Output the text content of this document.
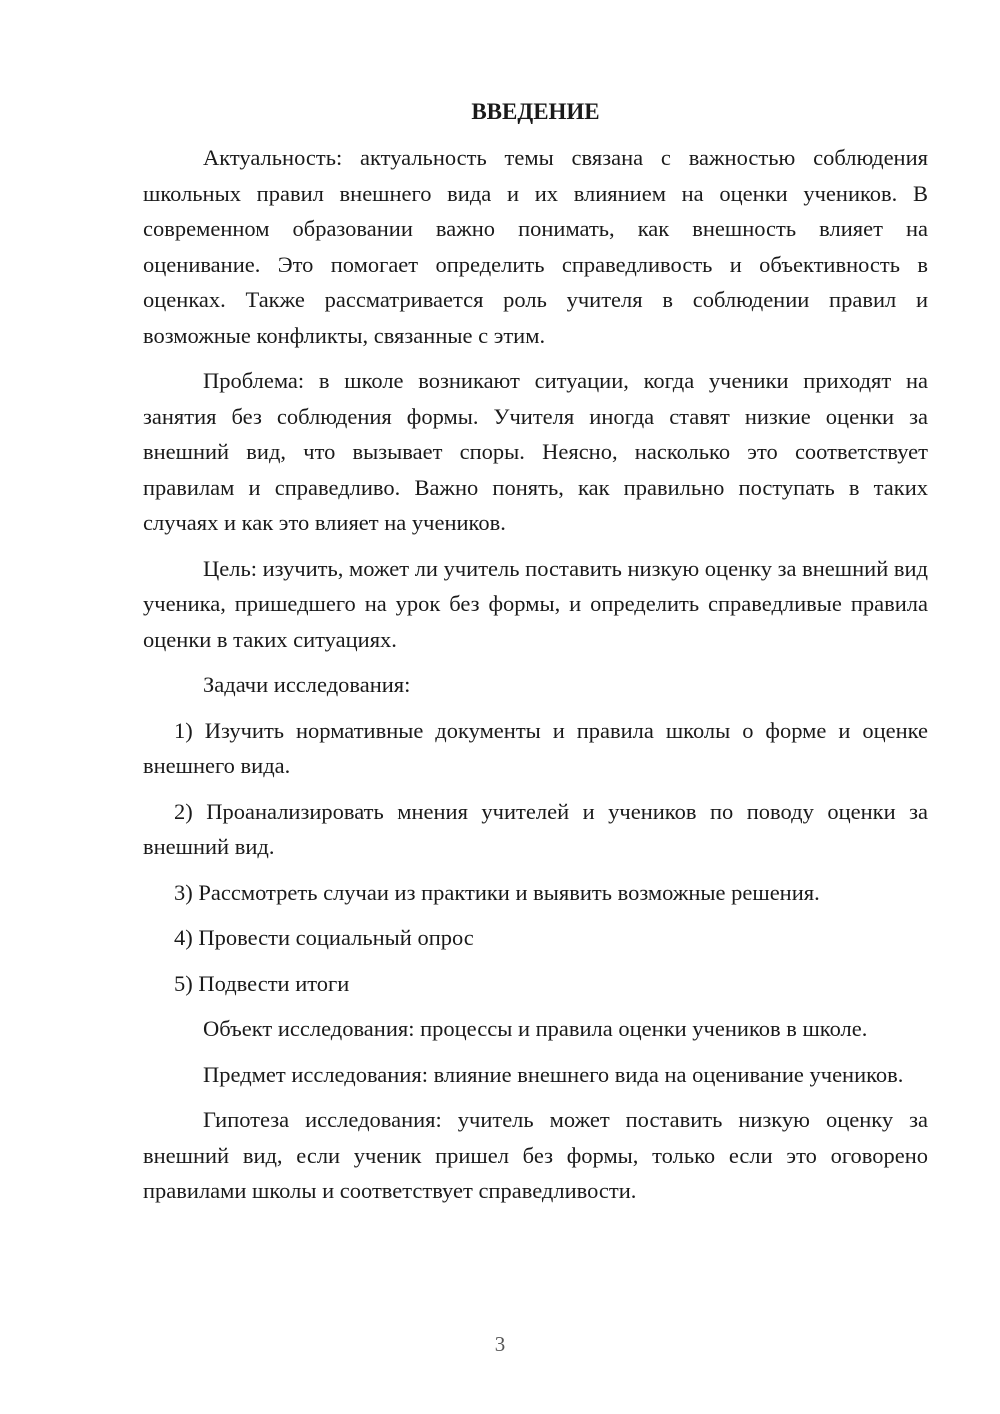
ВВЕДЕНИЕ

Актуальность: актуальность темы связана с важностью соблюдения школьных правил внешнего вида и их влиянием на оценки учеников. В современном образовании важно понимать, как внешность влияет на оценивание. Это помогает определить справедливость и объективность в оценках. Также рассматривается роль учителя в соблюдении правил и возможные конфликты, связанные с этим.

Проблема: в школе возникают ситуации, когда ученики приходят на занятия без соблюдения формы. Учителя иногда ставят низкие оценки за внешний вид, что вызывает споры. Неясно, насколько это соответствует правилам и справедливо. Важно понять, как правильно поступать в таких случаях и как это влияет на учеников.

Цель: изучить, может ли учитель поставить низкую оценку за внешний вид ученика, пришедшего на урок без формы, и определить справедливые правила оценки в таких ситуациях.

Задачи исследования:

1) Изучить нормативные документы и правила школы о форме и оценке внешнего вида.

2) Проанализировать мнения учителей и учеников по поводу оценки за внешний вид.

3) Рассмотреть случаи из практики и выявить возможные решения.

4) Провести социальный опрос

5) Подвести итоги

Объект исследования: процессы и правила оценки учеников в школе.

Предмет исследования: влияние внешнего вида на оценивание учеников.

Гипотеза исследования: учитель может поставить низкую оценку за внешний вид, если ученик пришел без формы, только если это оговорено правилами школы и соответствует справедливости.

3
